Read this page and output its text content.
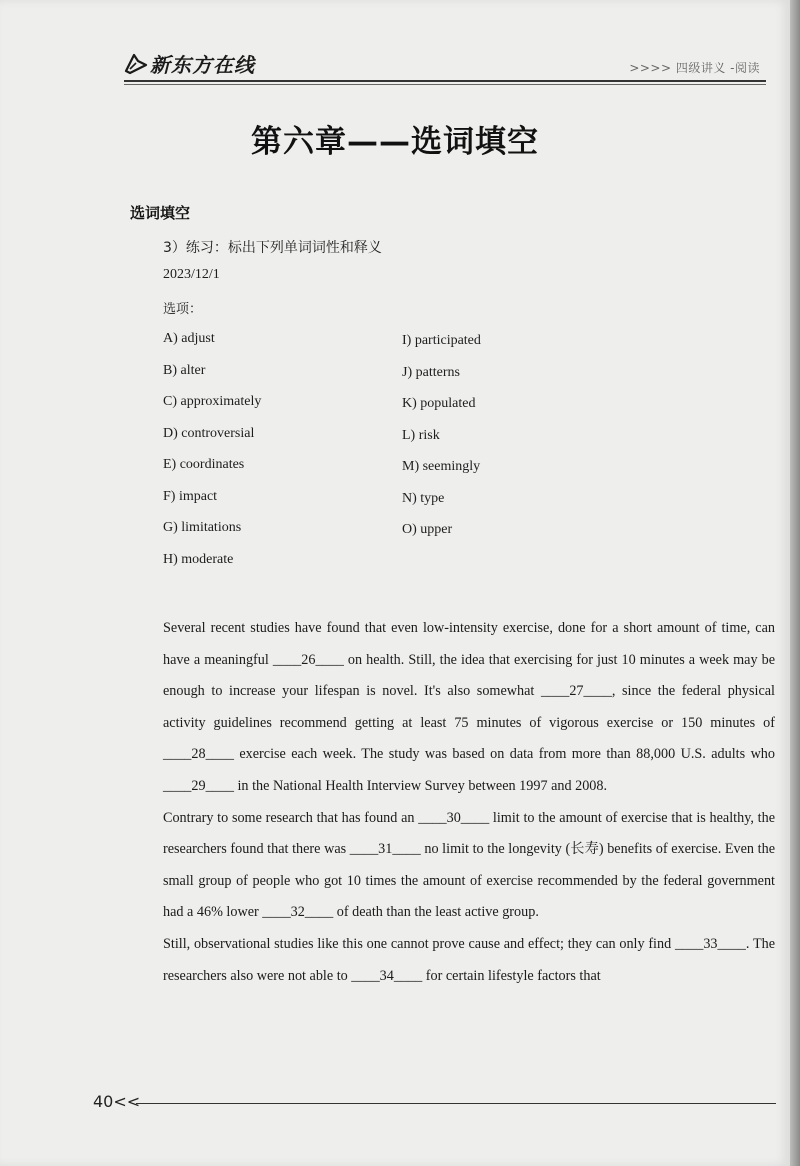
新东方在线	>>>> 四级讲义 -阅读
第六章——选词填空
选词填空
3）练习：标出下列单词词性和释义
2023/12/1
选项：
A) adjust
B) alter
C) approximately
D) controversial
E) coordinates
F) impact
G) limitations
H) moderate
I) participated
J) patterns
K) populated
L) risk
M) seemingly
N) type
O) upper

Several recent studies have found that even low-intensity exercise, done for a short amount of time, can have a meaningful ____26____ on health. Still, the idea that exercising for just 10 minutes a week may be enough to increase your lifespan is novel. It's also somewhat ____27____, since the federal physical activity guidelines recommend getting at least 75 minutes of vigorous exercise or 150 minutes of ____28____ exercise each week. The study was based on data from more than 88,000 U.S. adults who ____29____ in the National Health Interview Survey between 1997 and 2008.

Contrary to some research that has found an ____30____ limit to the amount of exercise that is healthy, the researchers found that there was ____31____ no limit to the longevity (长寿) benefits of exercise. Even the small group of people who got 10 times the amount of exercise recommended by the federal government had a 46% lower ____32____ of death than the least active group.

Still, observational studies like this one cannot prove cause and effect; they can only find ____33____. The researchers also were not able to ____34____ for certain lifestyle factors that

40<<
